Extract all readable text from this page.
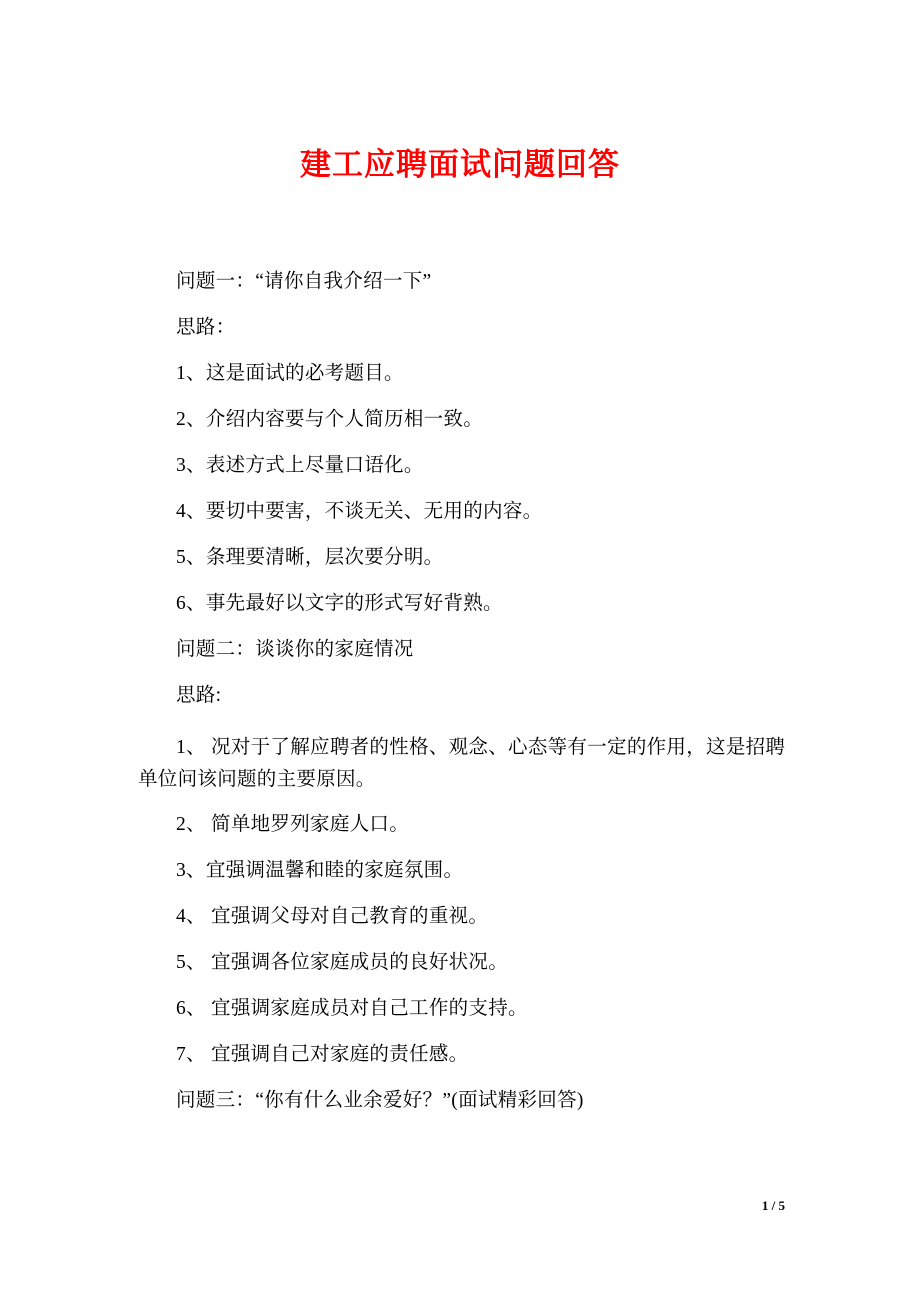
建工应聘面试问题回答

问题一：“请你自我介绍一下”

思路：

1、这是面试的必考题目。

2、介绍内容要与个人简历相一致。

3、表述方式上尽量口语化。

4、要切中要害，不谈无关、无用的内容。

5、条理要清晰，层次要分明。

6、事先最好以文字的形式写好背熟。

问题二：谈谈你的家庭情况

思路:

1、 况对于了解应聘者的性格、观念、心态等有一定的作用，这是招聘单位问该问题的主要原因。

2、 简单地罗列家庭人口。

3、宜强调温馨和睦的家庭氛围。

4、 宜强调父母对自己教育的重视。

5、 宜强调各位家庭成员的良好状况。

6、 宜强调家庭成员对自己工作的支持。

7、 宜强调自己对家庭的责任感。

问题三：“你有什么业余爱好？”(面试精彩回答)

1 / 5
